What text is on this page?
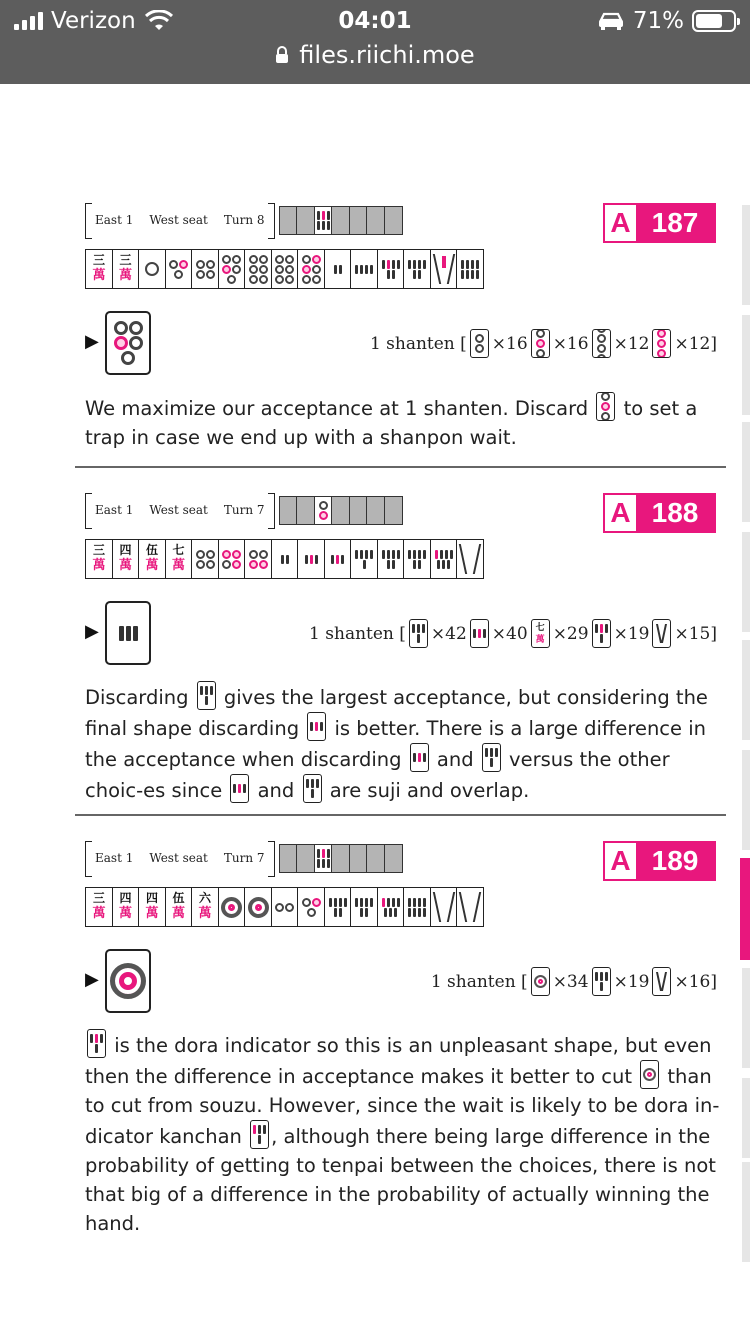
Verizon	04:01	71%
files.riichi.moe
East 1 West seat Turn 8	A 187
三
萬
三
萬
▶	1 shanten [ ×16 ×16 ×12 ×12 ]

We maximize our acceptance at 1 shanten. Discard
to set a trap in case we end up with a shanpon wait.

East 1 West seat Turn 7	A 188
三
萬
四
萬
伍
萬
七
萬
▶	1 shanten [ ×42 ×40 七
萬 ×29 ×19 ×15 ]

Discarding
gives the largest acceptance, but considering the final shape discarding
is better. There is a large difference in the acceptance when discarding
and
versus the other choic-es since
and
are suji and overlap.

East 1 West seat Turn 7	A 189
三
萬
四
萬
四
萬
伍
萬
六
萬
▶	1 shanten [ ×34 ×19 ×16 ]

is the dora indicator so this is an unpleasant shape, but even then the difference in acceptance makes it better to cut
than to cut from souzu. However, since the wait is likely to be dora in-dicator kanchan
, although there being large difference in the probability of getting to tenpai between the choices, there is not that big of a difference in the probability of actually winning the hand.
